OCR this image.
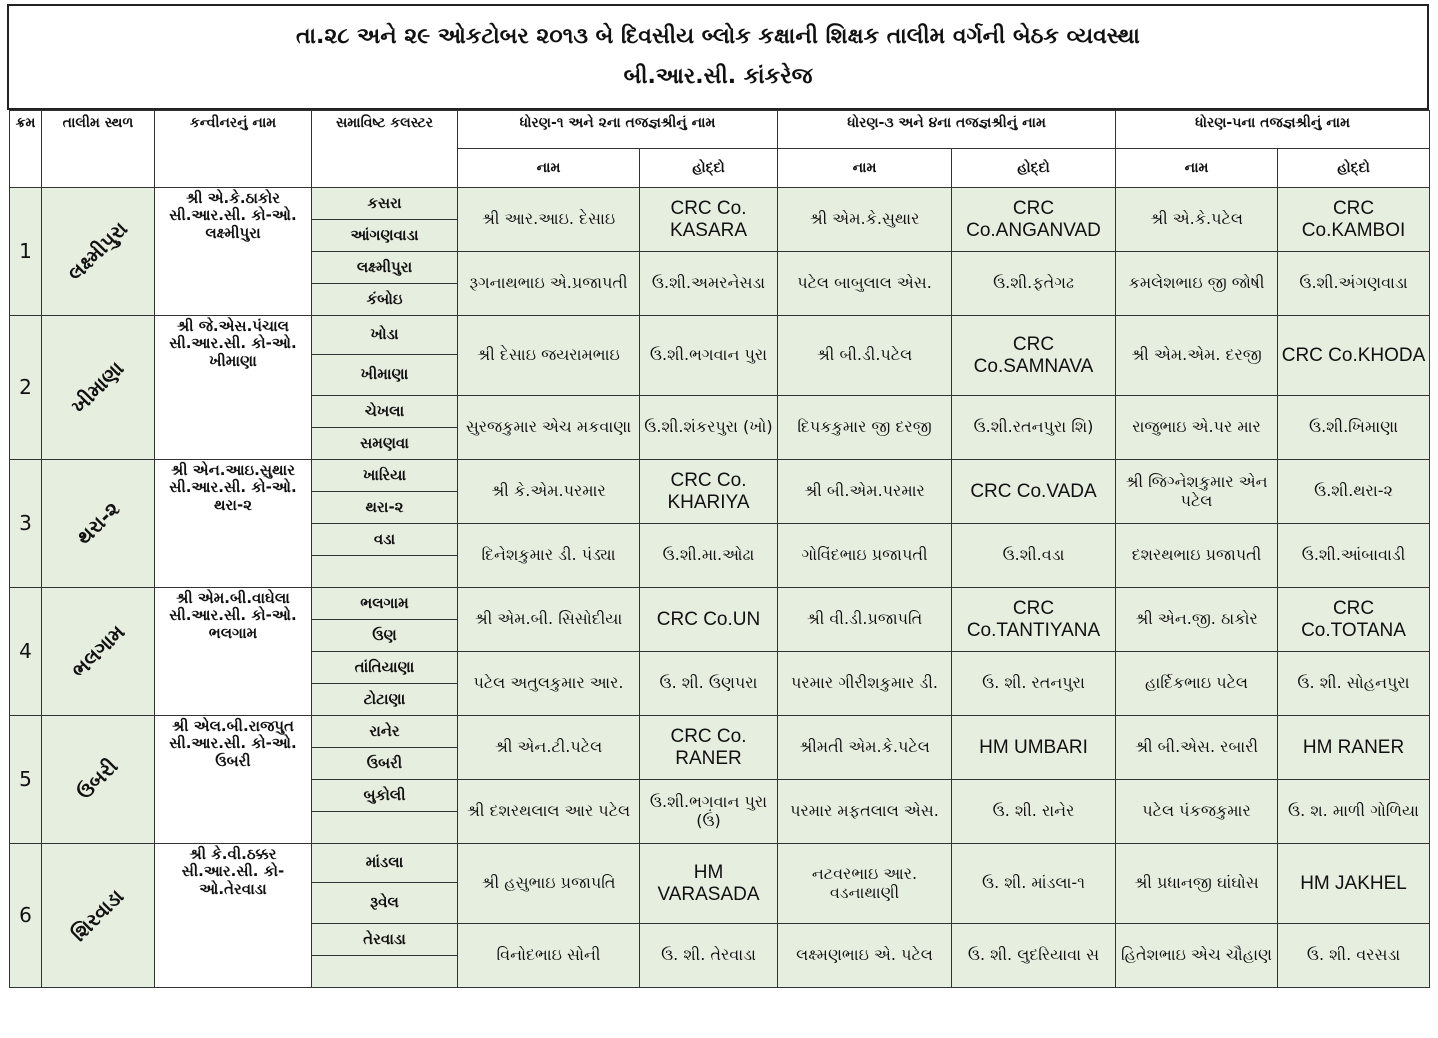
તા.૨૮ અને ૨૯ ઓકટોબર ૨૦૧૩ બે દિવસીય બ્લોક કક્ષાની શિક્ષક તાલીમ વર્ગની બેઠક વ્યવસ્થા
બી.આર.સી. કાંકરેજ
ક્રમ	તાલીમ સ્થળ	કન્વીનરનું નામ	સમાવિષ્ટ કલસ્ટર	ધોરણ-૧ અને ૨ના તજજ્ઞશ્રીનું નામ		ધોરણ-૩ અને ૪ના તજજ્ઞશ્રીનું નામ		ધોરણ-૫ના તજજ્ઞશ્રીનું નામ	
				નામ	હોદ્દો	નામ	હોદ્દો	નામ	હોદ્દો
1	લક્ષ્મીપુરા	શ્રી એ.કે.ઠાકોર સી.આર.સી. કો-ઓ. લક્ષ્મીપુરા	કસરા	શ્રી આર.આઇ. દેસાઇ	CRC Co. KASARA	શ્રી એમ.કે.સુથાર	CRC Co.ANGANVAD	શ્રી એ.કે.પટેલ	CRC Co.KAMBOI
			આંગણવાડા						
			લક્ષ્મીપુરા	રૂગનાથભાઇ એ.પ્રજાપતી	ઉ.શી.અમરનેસડા	પટેલ બાબુલાલ એસ.	ઉ.શી.ફતેગઢ	કમલેશભાઇ જી જોષી	ઉ.શી.અંગણવાડા
			કંબોઇ						
2	ખીમાણા	શ્રી જે.એસ.પંચાલ સી.આર.સી. કો-ઓ. ખીમાણા	ખોડા	શ્રી દેસાઇ જયરામભાઇ	ઉ.શી.ભગવાન પુરા	શ્રી બી.ડી.પટેલ	CRC Co.SAMNAVA	શ્રી એમ.એમ. દરજી	CRC Co.KHODA
			ખીમાણા						
			ચેખલા	સુરજકુમાર એચ મકવાણા	ઉ.શી.શંકરપુરા (ખો)	દિપકકુમાર જી દરજી	ઉ.શી.રતનપુરા શિ)	રાજુભાઇ એ.પર માર	ઉ.શી.ખિમાણા
			સમણવા						
3	થરા-૨	શ્રી એન.આઇ.સુથાર સી.આર.સી. કો-ઓ. થરા-૨	ખારિયા	શ્રી કે.એમ.પરમાર	CRC Co. KHARIYA	શ્રી બી.એમ.પરમાર	CRC Co.VADA	શ્રી જિગ્નેશકુમાર એન પટેલ	ઉ.શી.થરા-૨
			થરા-૨						
			વડા	દિનેશકુમાર ડી. પંડ્યા	ઉ.શી.મા.ઓઢા	ગોવિંદભાઇ પ્રજાપતી	ઉ.શી.વડા	દશરથભાઇ પ્રજાપતી	ઉ.શી.આંબાવાડી

4	ભલગામ	શ્રી એમ.બી.વાઘેલા સી.આર.સી. કો-ઓ. ભલગામ	ભલગામ	શ્રી એમ.બી. સિસોદીયા	CRC Co.UN	શ્રી વી.ડી.પ્રજાપતિ	CRC Co.TANTIYANA	શ્રી એન.જી. ઠાકોર	CRC Co.TOTANA
			ઉણ						
			તાંતિયાણા	પટેલ અતુલકુમાર આર.	ઉ. શી. ઉણપરા	પરમાર ગીરીશકુમાર ડી.	ઉ. શી. રતનપુરા	હાર્દિકભાઇ પટેલ	ઉ. શી. સોહનપુરા
			ટોટાણા						
5	ઉબરી	શ્રી એલ.બી.રાજપુત સી.આર.સી. કો-ઓ. ઉબરી	રાનેર	શ્રી એન.ટી.પટેલ	CRC Co. RANER	શ્રીમતી એમ.કે.પટેલ	HM UMBARI	શ્રી બી.એસ. રબારી	HM RANER
			ઉબરી						
			બુકોલી	શ્રી દશરથલાલ આર પટેલ	ઉ.શી.ભગવાન પુરા (ઉં)	પરમાર મફતલાલ એસ.	ઉ. શી. રાનેર	પટેલ પંકજકુમાર	ઉ. શ. માળી ગોળિયા

6	શિરવાડા	શ્રી કે.વી.ઠક્કર સી.આર.સી. કો-ઓ.તેરવાડા	માંડલા	શ્રી હસુભાઇ પ્રજાપતિ	HM VARASADA	નટવરભાઇ આર. વડનાથાણી	ઉ. શી. માંડલા-૧	શ્રી પ્રધાનજી ઘાંઘોસ	HM JAKHEL
			રૂવેલ						
			તેરવાડા	વિનોદભાઇ સોની	ઉ. શી. તેરવાડા	લક્ષ્મણભાઇ એ. પટેલ	ઉ. શી. લુદરિયાવા સ	હિતેશભાઇ એચ ચૌહાણ	ઉ. શી. વરસડા
